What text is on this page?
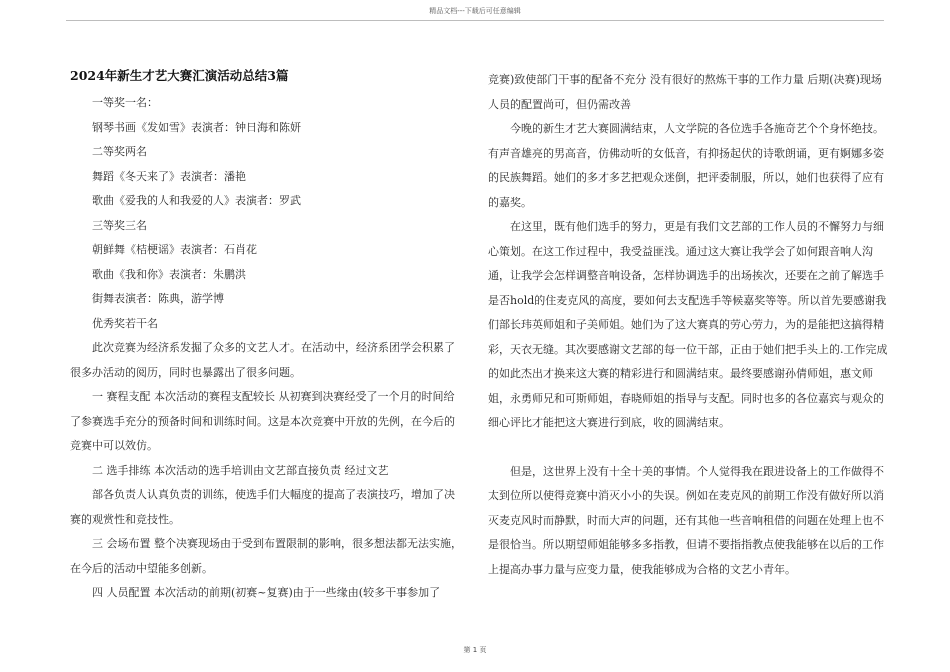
精品文档---下载后可任意编辑
2024年新生才艺大赛汇演活动总结3篇

一等奖一名：

钢琴书画《发如雪》表演者：钟日海和陈妍

二等奖两名

舞蹈《冬天来了》表演者：潘艳

歌曲《爱我的人和我爱的人》表演者：罗武

三等奖三名

朝鲜舞《桔梗谣》表演者：石肖花

歌曲《我和你》表演者：朱鹏洪

街舞表演者：陈典，游学博

优秀奖若干名

此次竞赛为经济系发掘了众多的文艺人才。在活动中，经济系团学会积累了很多办活动的阅历，同时也暴露出了很多问题。

一 赛程支配 本次活动的赛程支配较长 从初赛到决赛经受了一个月的时间给了参赛选手充分的预备时间和训练时间。这是本次竞赛中开放的先例，在今后的竞赛中可以效仿。

二 选手排练 本次活动的选手培训由文艺部直接负责 经过文艺

部各负责人认真负责的训练，使选手们大幅度的提高了表演技巧，增加了决赛的观赏性和竞技性。

三 会场布置 整个决赛现场由于受到布置限制的影响，很多想法都无法实施，在今后的活动中望能多创新。

四 人员配置 本次活动的前期(初赛~复赛)由于一些缘由(较多干事参加了

竞赛)致使部门干事的配备不充分 没有很好的熬炼干事的工作力量 后期(决赛)现场人员的配置尚可，但仍需改善

今晚的新生才艺大赛圆满结束，人文学院的各位选手各施奇艺个个身怀绝技。有声音雄亮的男高音，仿佛动听的女低音，有抑扬起伏的诗歌朗诵，更有婀娜多姿的民族舞蹈。她们的多才多艺把观众迷倒，把评委制服，所以，她们也获得了应有的嘉奖。

在这里，既有他们选手的努力，更是有我们文艺部的工作人员的不懈努力与细心策划。在这工作过程中，我受益匪浅。通过这大赛让我学会了如何跟音响人沟通，让我学会怎样调整音响设备，怎样协调选手的出场挨次，还要在之前了解选手是否hold的住麦克风的高度，要如何去支配选手等候嘉奖等等。所以首先要感谢我们部长玮英师姐和子美师姐。她们为了这大赛真的劳心劳力，为的是能把这搞得精彩，天衣无缝。其次要感谢文艺部的每一位干部，正由于她们把手头上的.工作完成的如此杰出才换来这大赛的精彩进行和圆满结束。最终要感谢孙倩师姐，惠文师姐，永勇师兄和可斯师姐，春晓师姐的指导与支配。同时也多的各位嘉宾与观众的细心评比才能把这大赛进行到底，收的圆满结束。

但是，这世界上没有十全十美的事情。个人觉得我在跟进设备上的工作做得不太到位所以使得竞赛中消灭小小的失误。例如在麦克风的前期工作没有做好所以消灭麦克风时而静默，时而大声的问题，还有其他一些音响租借的问题在处理上也不是很恰当。所以期望师姐能够多多指教，但请不要指指教点使我能够在以后的工作上提高办事力量与应变力量，使我能够成为合格的文艺小青年。

第 1 页
